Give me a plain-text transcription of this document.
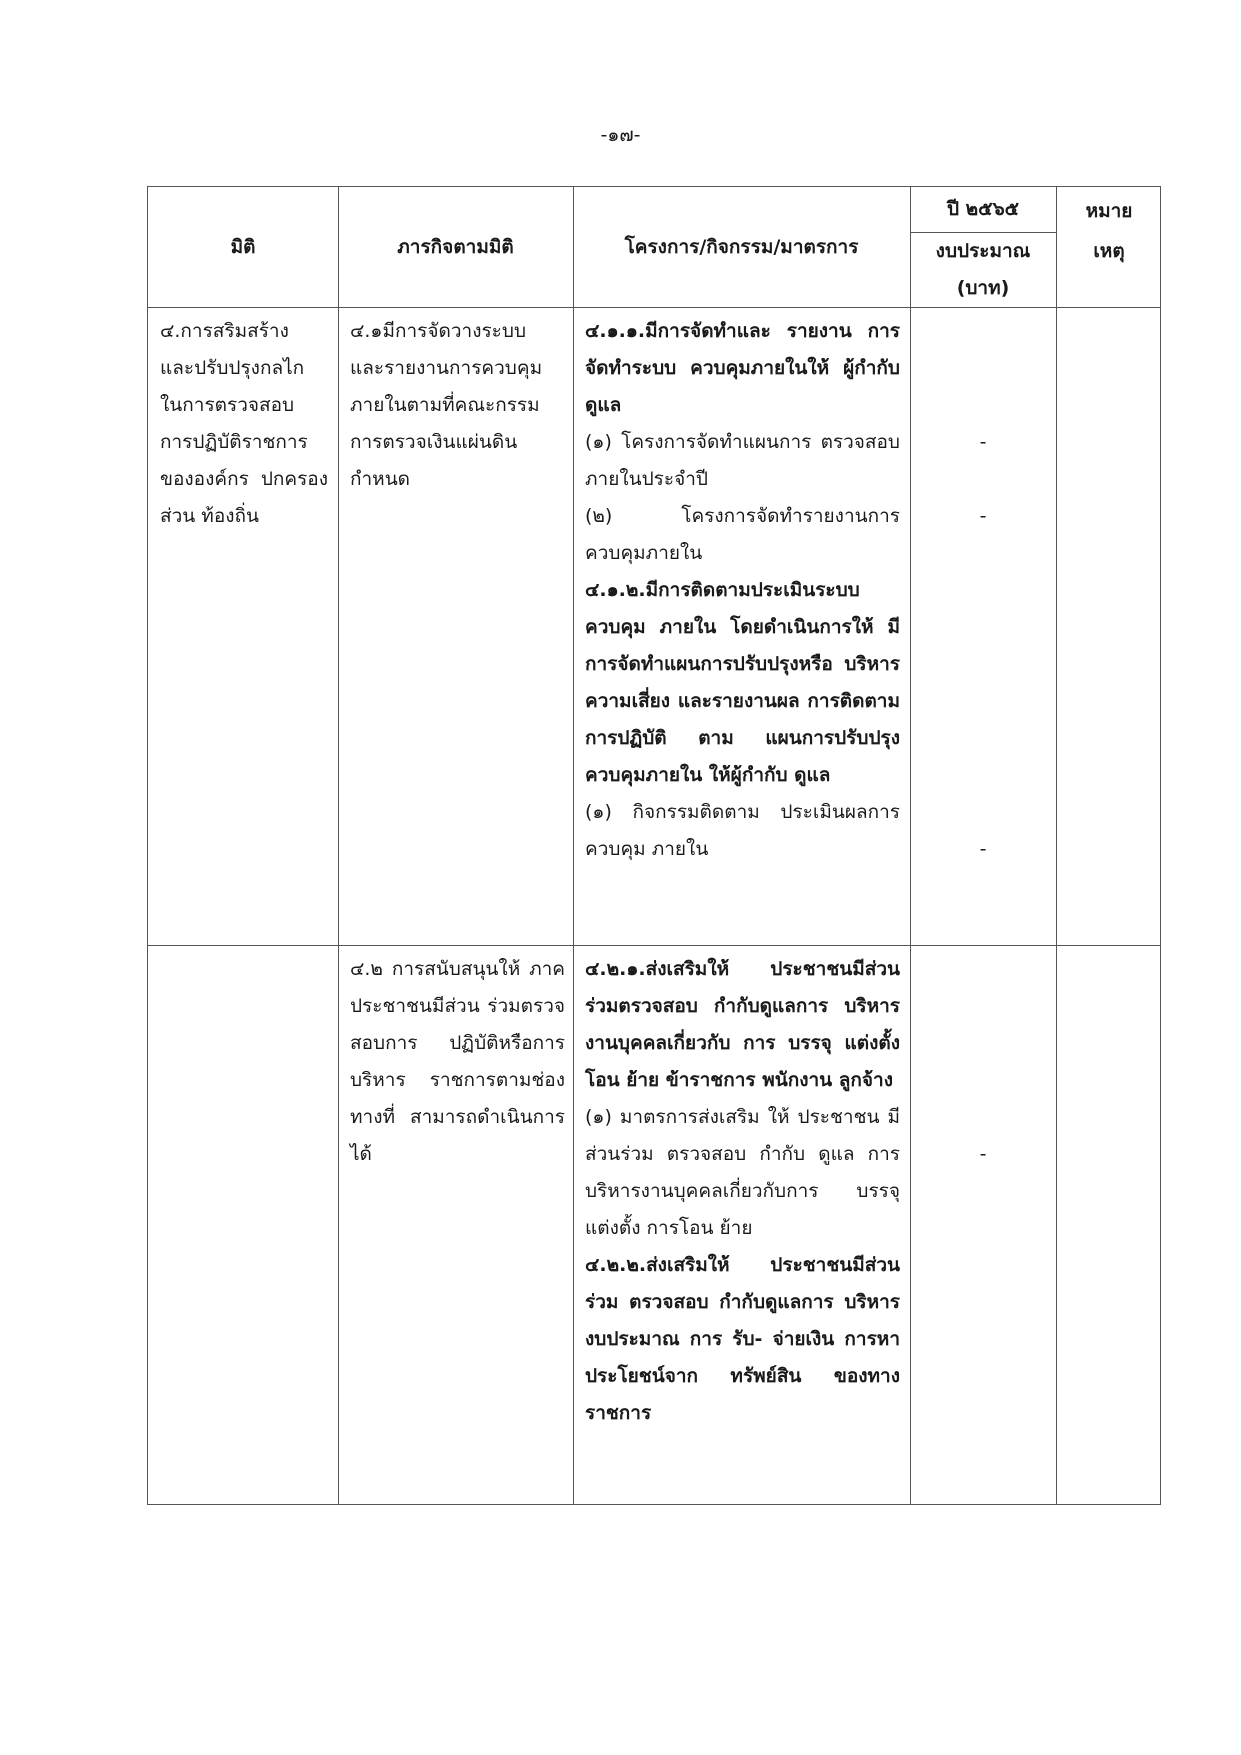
-๑๗-
มิติ	ภารกิจตามมิติ	โครงการ/กิจกรรม/มาตรการ
ปี ๒๕๖๕

งบประมาณ

(บาท)

หมาย

เหตุ

๔.การสริมสร้าง และปรับปรุงกลไก ในการตรวจสอบ การปฏิบัติราชการ ขององค์กร ปกครองส่วน ท้องถิ่น
๔.๑มีการจัดวางระบบ และรายงานการควบคุม ภายในตามที่คณะกรรม การตรวจเงินแผ่นดิน กำหนด

๔.๑.๑.มีการจัดทำและ รายงาน การจัดทำระบบ ควบคุมภายในให้ ผู้กำกับดูแล

(๑) โครงการจัดทำแผนการ ตรวจสอบภายในประจำปี

(๒) โครงการจัดทำรายงานการ ควบคุมภายใน

๔.๑.๒.มีการติดตามประเมินระบบ ควบคุม ภายใน โดยดำเนินการให้ มีการจัดทำแผนการปรับปรุงหรือ บริหาร ความเสี่ยง และรายงานผล การติดตามการปฏิบัติ ตาม แผนการปรับปรุง ควบคุมภายใน ให้ผู้กำกับ ดูแล

(๑) กิจกรรมติดตาม ประเมินผลการ ควบคุม ภายใน

-
-
-
๔.๒ การสนับสนุนให้ ภาคประชาชนมีส่วน ร่วมตรวจสอบการ ปฏิบัติหรือการบริหาร ราชการตามช่องทางที่ สามารถดำเนินการได้

๔.๒.๑.ส่งเสริมให้ ประชาชนมีส่วน ร่วมตรวจสอบ กำกับดูแลการ บริหารงานบุคคลเกี่ยวกับ การ บรรจุ แต่งตั้ง โอน ย้าย ข้าราชการ พนักงาน ลูกจ้าง

(๑) มาตรการส่งเสริม ให้ ประชาชน มีส่วนร่วม ตรวจสอบ กำกับ ดูแล การบริหารงานบุคคลเกี่ยวกับการ บรรจุแต่งตั้ง การโอน ย้าย

๔.๒.๒.ส่งเสริมให้ ประชาชนมีส่วน ร่วม ตรวจสอบ กำกับดูแลการ บริหารงบประมาณ การ รับ- จ่ายเงิน การหา ประโยชน์จาก ทรัพย์สิน ของทางราชการ

-
